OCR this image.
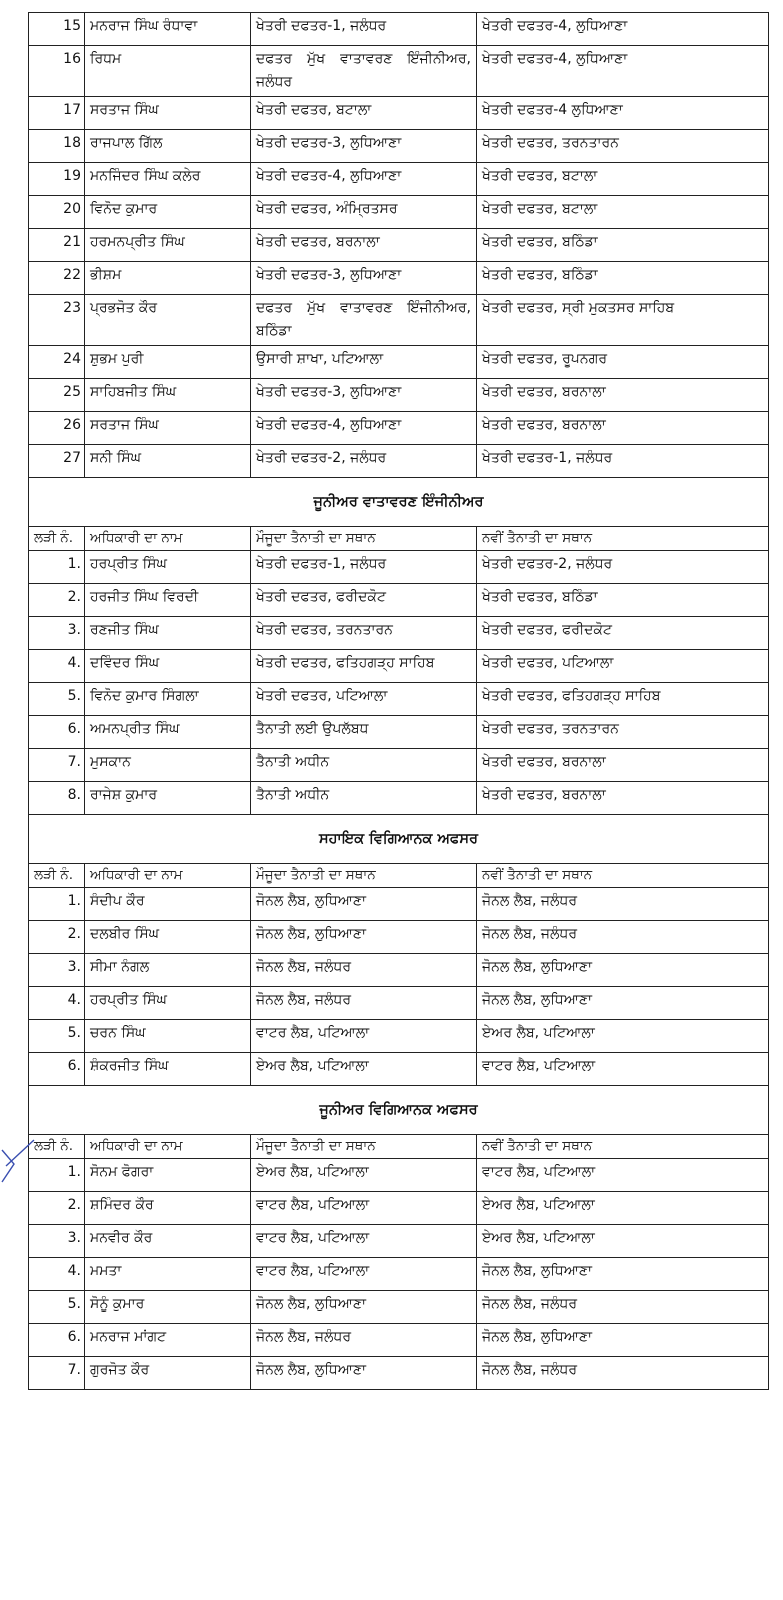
15	ਮਨਰਾਜ ਸਿੰਘ ਰੰਧਾਵਾ	ਖੇਤਰੀ ਦਫਤਰ-1, ਜਲੰਧਰ	ਖੇਤਰੀ ਦਫਤਰ-4, ਲੁਧਿਆਣਾ
16	ਰਿਧਮ	ਦਫਤਰ ਮੁੱਖ ਵਾਤਾਵਰਣ ਇੰਜੀਨੀਅਰ, ਜਲੰਧਰ	ਖੇਤਰੀ ਦਫਤਰ-4, ਲੁਧਿਆਣਾ
17	ਸਰਤਾਜ ਸਿੰਘ	ਖੇਤਰੀ ਦਫਤਰ, ਬਟਾਲਾ	ਖੇਤਰੀ ਦਫਤਰ-4 ਲੁਧਿਆਣਾ
18	ਰਾਜਪਾਲ ਗਿੱਲ	ਖੇਤਰੀ ਦਫਤਰ-3, ਲੁਧਿਆਣਾ	ਖੇਤਰੀ ਦਫਤਰ, ਤਰਨਤਾਰਨ
19	ਮਨਜਿੰਦਰ ਸਿੰਘ ਕਲੇਰ	ਖੇਤਰੀ ਦਫਤਰ-4, ਲੁਧਿਆਣਾ	ਖੇਤਰੀ ਦਫਤਰ, ਬਟਾਲਾ
20	ਵਿਨੋਦ ਕੁਮਾਰ	ਖੇਤਰੀ ਦਫਤਰ, ਅੰਮ੍ਰਿਤਸਰ	ਖੇਤਰੀ ਦਫਤਰ, ਬਟਾਲਾ
21	ਹਰਮਨਪ੍ਰੀਤ ਸਿੰਘ	ਖੇਤਰੀ ਦਫਤਰ, ਬਰਨਾਲਾ	ਖੇਤਰੀ ਦਫਤਰ, ਬਠਿੰਡਾ
22	ਭੀਸ਼ਮ	ਖੇਤਰੀ ਦਫਤਰ-3, ਲੁਧਿਆਣਾ	ਖੇਤਰੀ ਦਫਤਰ, ਬਠਿੰਡਾ
23	ਪ੍ਰਭਜੋਤ ਕੌਰ	ਦਫਤਰ ਮੁੱਖ ਵਾਤਾਵਰਣ ਇੰਜੀਨੀਅਰ, ਬਠਿੰਡਾ	ਖੇਤਰੀ ਦਫਤਰ, ਸ੍ਰੀ ਮੁਕਤਸਰ ਸਾਹਿਬ
24	ਸ਼ੁਭਮ ਪੁਰੀ	ਉਸਾਰੀ ਸ਼ਾਖਾ, ਪਟਿਆਲਾ	ਖੇਤਰੀ ਦਫਤਰ, ਰੂਪਨਗਰ
25	ਸਾਹਿਬਜੀਤ ਸਿੰਘ	ਖੇਤਰੀ ਦਫਤਰ-3, ਲੁਧਿਆਣਾ	ਖੇਤਰੀ ਦਫਤਰ, ਬਰਨਾਲਾ
26	ਸਰਤਾਜ ਸਿੰਘ	ਖੇਤਰੀ ਦਫਤਰ-4, ਲੁਧਿਆਣਾ	ਖੇਤਰੀ ਦਫਤਰ, ਬਰਨਾਲਾ
27	ਸਨੀ ਸਿੰਘ	ਖੇਤਰੀ ਦਫਤਰ-2, ਜਲੰਧਰ	ਖੇਤਰੀ ਦਫਤਰ-1, ਜਲੰਧਰ
ਜੂਨੀਅਰ ਵਾਤਾਵਰਣ ਇੰਜੀਨੀਅਰ			
ਲੜੀ ਨੰ.	ਅਧਿਕਾਰੀ ਦਾ ਨਾਮ	ਮੌਜੂਦਾ ਤੈਨਾਤੀ ਦਾ ਸਥਾਨ	ਨਵੀਂ ਤੈਨਾਤੀ ਦਾ ਸਥਾਨ
1.	ਹਰਪ੍ਰੀਤ ਸਿੰਘ	ਖੇਤਰੀ ਦਫਤਰ-1, ਜਲੰਧਰ	ਖੇਤਰੀ ਦਫਤਰ-2, ਜਲੰਧਰ
2.	ਹਰਜੀਤ ਸਿੰਘ ਵਿਰਦੀ	ਖੇਤਰੀ ਦਫਤਰ, ਫਰੀਦਕੋਟ	ਖੇਤਰੀ ਦਫਤਰ, ਬਠਿੰਡਾ
3.	ਰਣਜੀਤ ਸਿੰਘ	ਖੇਤਰੀ ਦਫਤਰ, ਤਰਨਤਾਰਨ	ਖੇਤਰੀ ਦਫਤਰ, ਫਰੀਦਕੋਟ
4.	ਦਵਿੰਦਰ ਸਿੰਘ	ਖੇਤਰੀ ਦਫਤਰ, ਫਤਿਹਗੜ੍ਹ ਸਾਹਿਬ	ਖੇਤਰੀ ਦਫਤਰ, ਪਟਿਆਲਾ
5.	ਵਿਨੋਦ ਕੁਮਾਰ ਸਿੰਗਲਾ	ਖੇਤਰੀ ਦਫਤਰ, ਪਟਿਆਲਾ	ਖੇਤਰੀ ਦਫਤਰ, ਫਤਿਹਗੜ੍ਹ ਸਾਹਿਬ
6.	ਅਮਨਪ੍ਰੀਤ ਸਿੰਘ	ਤੈਨਾਤੀ ਲਈ ਉਪਲੱਬਧ	ਖੇਤਰੀ ਦਫਤਰ, ਤਰਨਤਾਰਨ
7.	ਮੁਸਕਾਨ	ਤੈਨਾਤੀ ਅਧੀਨ	ਖੇਤਰੀ ਦਫਤਰ, ਬਰਨਾਲਾ
8.	ਰਾਜੇਸ਼ ਕੁਮਾਰ	ਤੈਨਾਤੀ ਅਧੀਨ	ਖੇਤਰੀ ਦਫਤਰ, ਬਰਨਾਲਾ
ਸਹਾਇਕ ਵਿਗਿਆਨਕ ਅਫਸਰ			
ਲੜੀ ਨੰ.	ਅਧਿਕਾਰੀ ਦਾ ਨਾਮ	ਮੌਜੂਦਾ ਤੈਨਾਤੀ ਦਾ ਸਥਾਨ	ਨਵੀਂ ਤੈਨਾਤੀ ਦਾ ਸਥਾਨ
1.	ਸੰਦੀਪ ਕੌਰ	ਜੋਨਲ ਲੈਬ, ਲੁਧਿਆਣਾ	ਜੋਨਲ ਲੈਬ, ਜਲੰਧਰ
2.	ਦਲਬੀਰ ਸਿੰਘ	ਜੋਨਲ ਲੈਬ, ਲੁਧਿਆਣਾ	ਜੋਨਲ ਲੈਬ, ਜਲੰਧਰ
3.	ਸੀਮਾ ਨੰਗਲ	ਜੋਨਲ ਲੈਬ, ਜਲੰਧਰ	ਜੋਨਲ ਲੈਬ, ਲੁਧਿਆਣਾ
4.	ਹਰਪ੍ਰੀਤ ਸਿੰਘ	ਜੋਨਲ ਲੈਬ, ਜਲੰਧਰ	ਜੋਨਲ ਲੈਬ, ਲੁਧਿਆਣਾ
5.	ਚਰਨ ਸਿੰਘ	ਵਾਟਰ ਲੈਬ, ਪਟਿਆਲਾ	ਏਅਰ ਲੈਬ, ਪਟਿਆਲਾ
6.	ਸ਼ੰਕਰਜੀਤ ਸਿੰਘ	ਏਅਰ ਲੈਬ, ਪਟਿਆਲਾ	ਵਾਟਰ ਲੈਬ, ਪਟਿਆਲਾ
ਜੂਨੀਅਰ ਵਿਗਿਆਨਕ ਅਫਸਰ			
ਲੜੀ ਨੰ.	ਅਧਿਕਾਰੀ ਦਾ ਨਾਮ	ਮੌਜੂਦਾ ਤੈਨਾਤੀ ਦਾ ਸਥਾਨ	ਨਵੀਂ ਤੈਨਾਤੀ ਦਾ ਸਥਾਨ
1.	ਸੋਨਮ ਫੋਗਰਾ	ਏਅਰ ਲੈਬ, ਪਟਿਆਲਾ	ਵਾਟਰ ਲੈਬ, ਪਟਿਆਲਾ
2.	ਸ਼ਮਿੰਦਰ ਕੌਰ	ਵਾਟਰ ਲੈਬ, ਪਟਿਆਲਾ	ਏਅਰ ਲੈਬ, ਪਟਿਆਲਾ
3.	ਮਨਵੀਰ ਕੌਰ	ਵਾਟਰ ਲੈਬ, ਪਟਿਆਲਾ	ਏਅਰ ਲੈਬ, ਪਟਿਆਲਾ
4.	ਮਮਤਾ	ਵਾਟਰ ਲੈਬ, ਪਟਿਆਲਾ	ਜੋਨਲ ਲੈਬ, ਲੁਧਿਆਣਾ
5.	ਸੋਨੂੰ ਕੁਮਾਰ	ਜੋਨਲ ਲੈਬ, ਲੁਧਿਆਣਾ	ਜੋਨਲ ਲੈਬ, ਜਲੰਧਰ
6.	ਮਨਰਾਜ ਮਾਂਗਟ	ਜੋਨਲ ਲੈਬ, ਜਲੰਧਰ	ਜੋਨਲ ਲੈਬ, ਲੁਧਿਆਣਾ
7.	ਗੁਰਜੋਤ ਕੌਰ	ਜੋਨਲ ਲੈਬ, ਲੁਧਿਆਣਾ	ਜੋਨਲ ਲੈਬ, ਜਲੰਧਰ
